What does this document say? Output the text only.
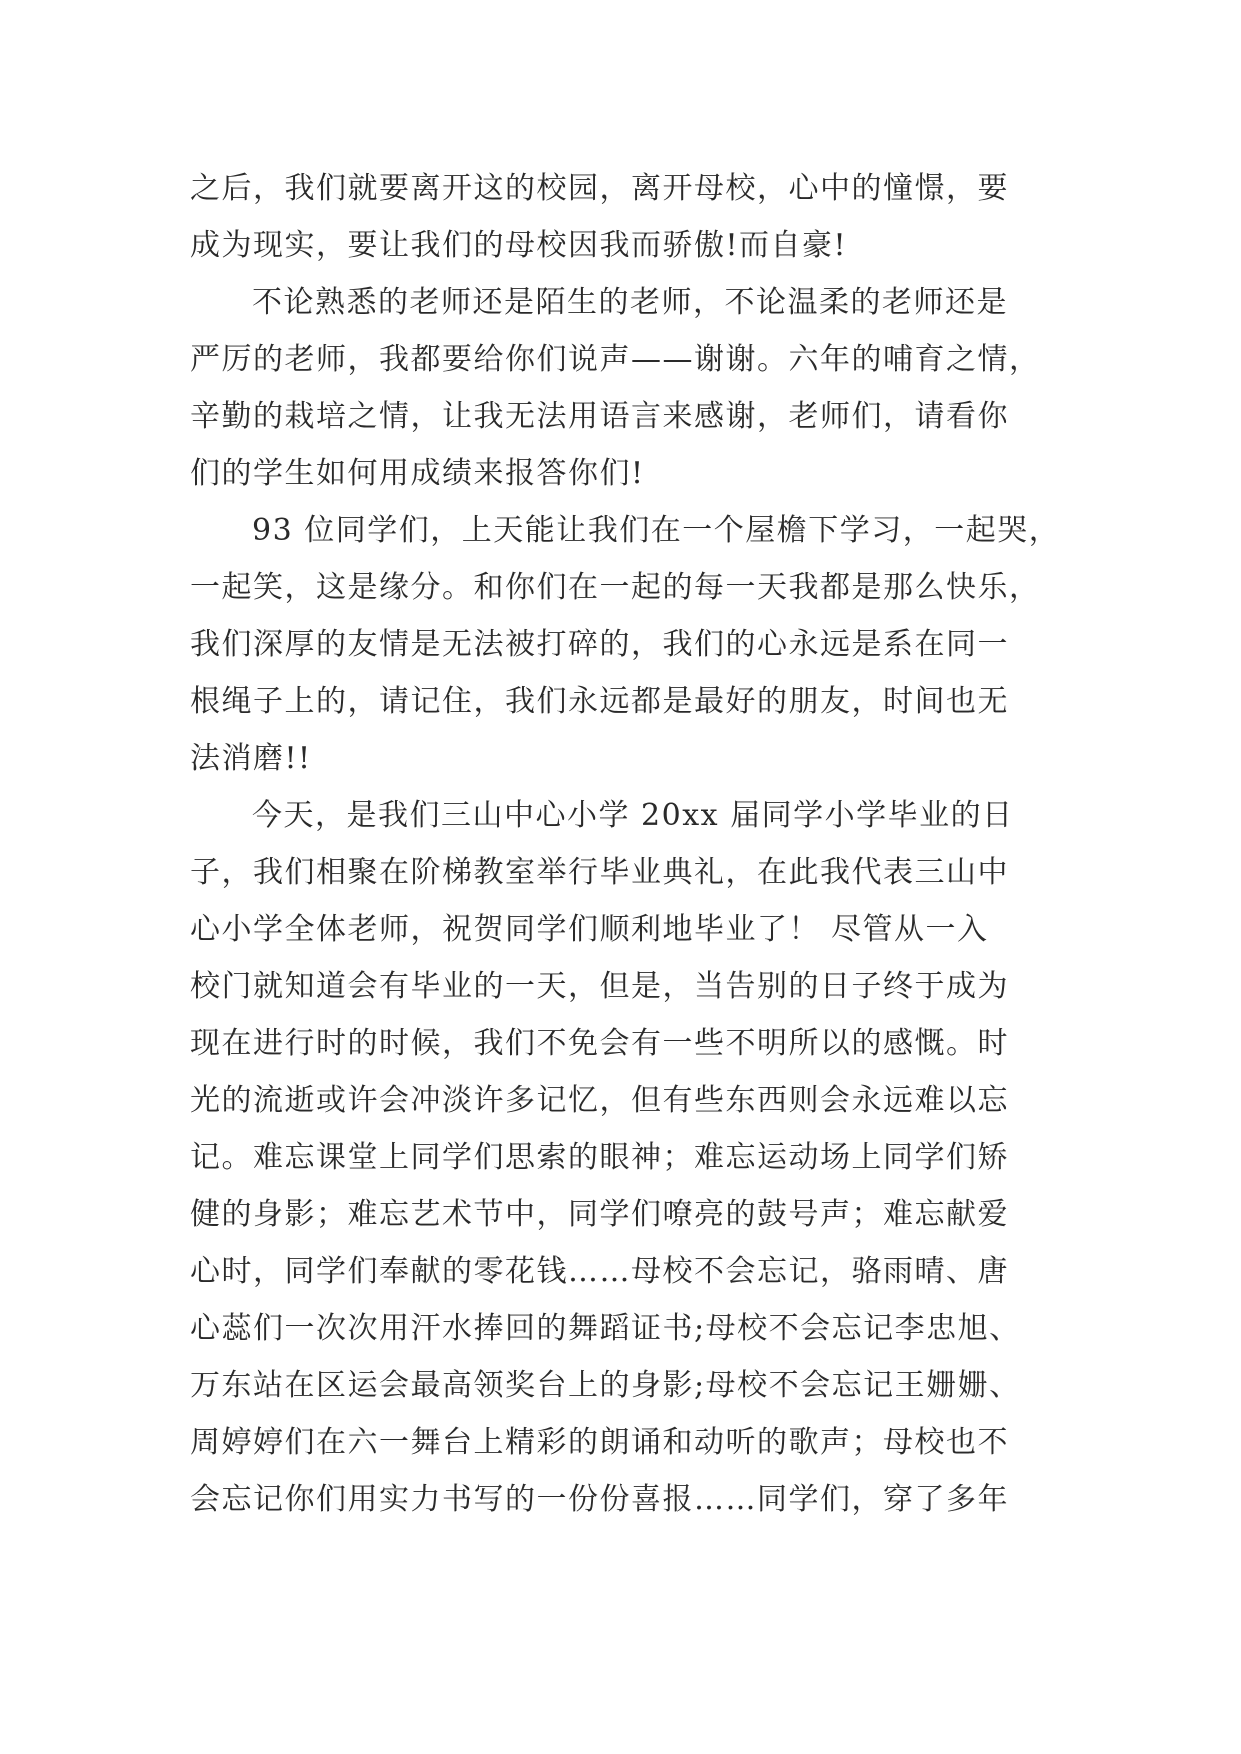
之后，我们就要离开这的校园，离开母校，心中的憧憬，要
成为现实，要让我们的母校因我而骄傲!而自豪!
不论熟悉的老师还是陌生的老师，不论温柔的老师还是
严厉的老师，我都要给你们说声——谢谢。六年的哺育之情，
辛勤的栽培之情，让我无法用语言来感谢，老师们，请看你
们的学生如何用成绩来报答你们!
93 位同学们，上天能让我们在一个屋檐下学习，一起哭，
一起笑，这是缘分。和你们在一起的每一天我都是那么快乐，
我们深厚的友情是无法被打碎的，我们的心永远是系在同一
根绳子上的，请记住，我们永远都是最好的朋友，时间也无
法消磨!!
今天，是我们三山中心小学 20xx 届同学小学毕业的日
子，我们相聚在阶梯教室举行毕业典礼，在此我代表三山中
心小学全体老师，祝贺同学们顺利地毕业了！ 尽管从一入
校门就知道会有毕业的一天，但是，当告别的日子终于成为
现在进行时的时候，我们不免会有一些不明所以的感慨。时
光的流逝或许会冲淡许多记忆，但有些东西则会永远难以忘
记。难忘课堂上同学们思索的眼神；难忘运动场上同学们矫
健的身影；难忘艺术节中，同学们嘹亮的鼓号声；难忘献爱
心时，同学们奉献的零花钱……母校不会忘记，骆雨晴、唐
心蕊们一次次用汗水捧回的舞蹈证书;母校不会忘记李忠旭、
万东站在区运会最高领奖台上的身影;母校不会忘记王姗姗、
周婷婷们在六一舞台上精彩的朗诵和动听的歌声；母校也不
会忘记你们用实力书写的一份份喜报……同学们，穿了多年
